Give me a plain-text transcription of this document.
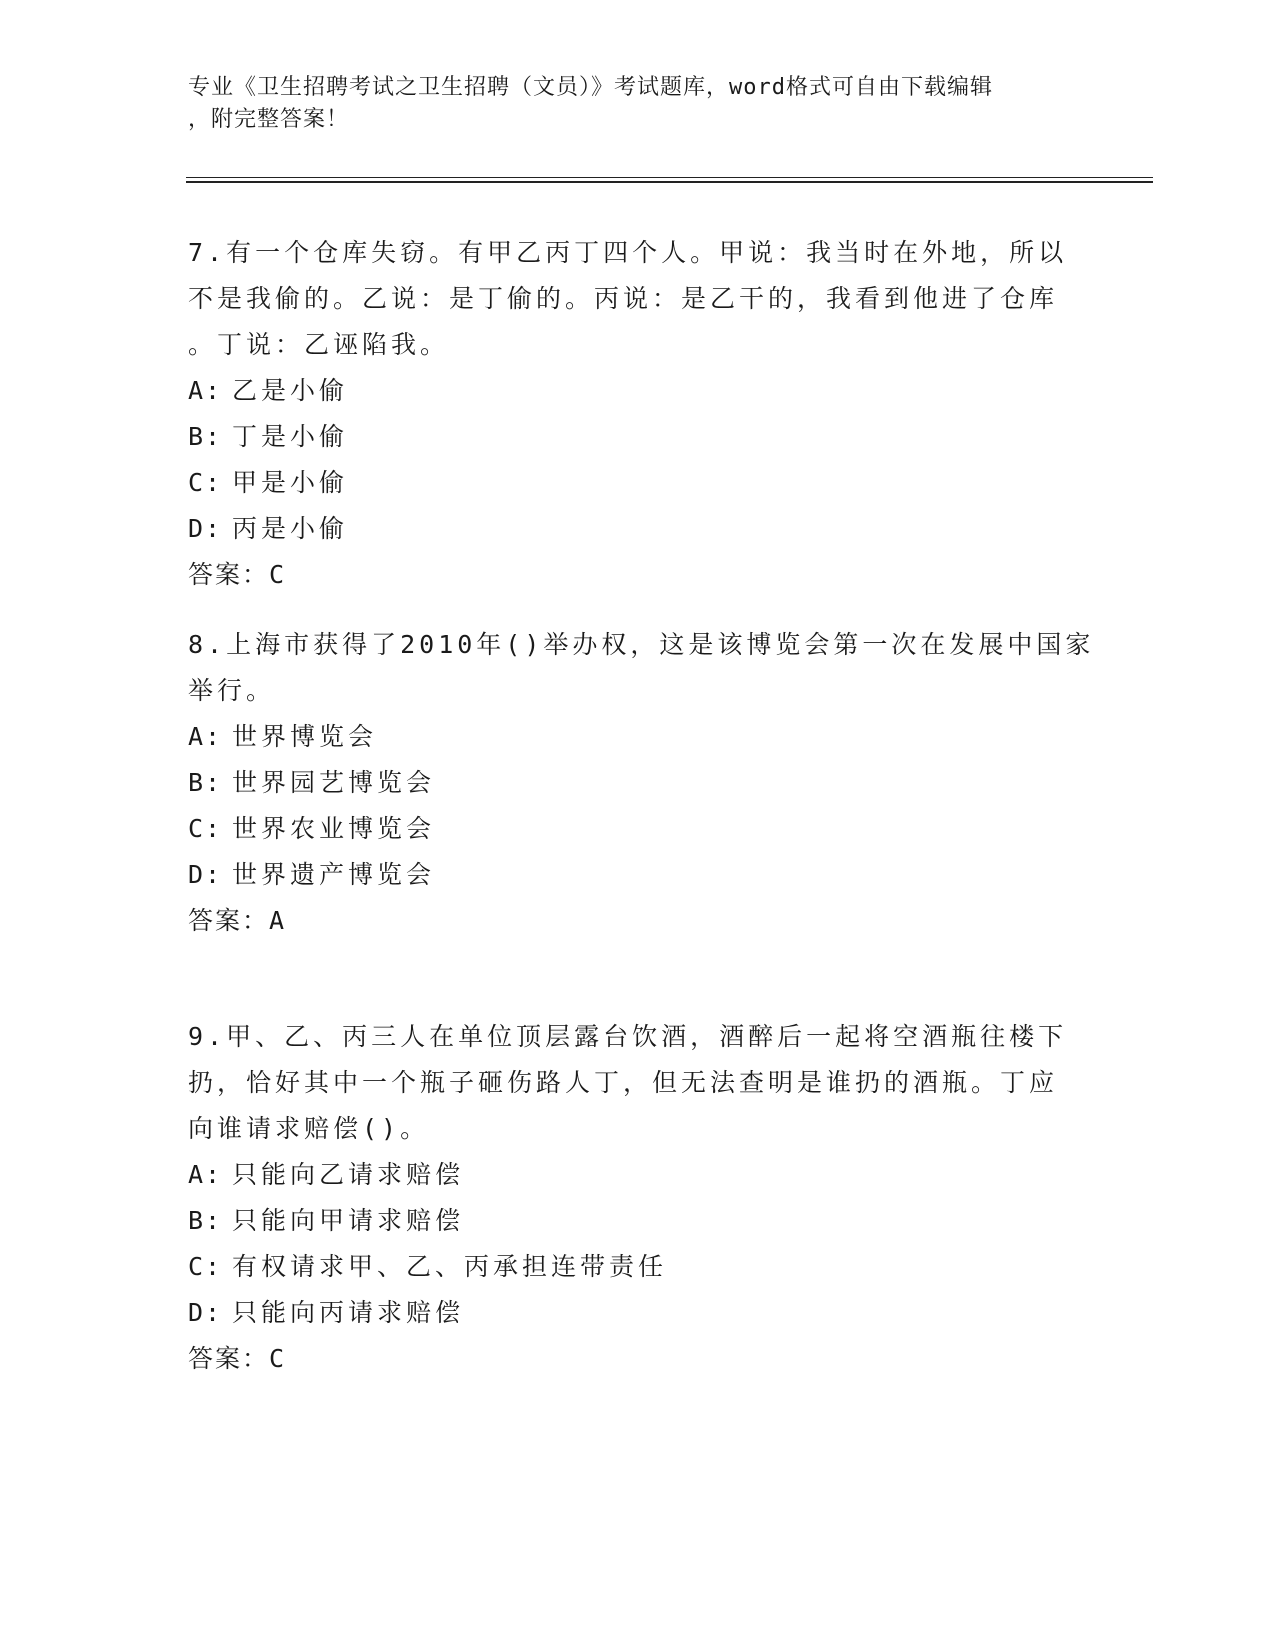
专业《卫生招聘考试之卫生招聘（文员）》考试题库，word格式可自由下载编辑
，附完整答案！
7.有一个仓库失窃。有甲乙丙丁四个人。甲说：我当时在外地，所以
不是我偷的。乙说：是丁偷的。丙说：是乙干的，我看到他进了仓库
。丁说：乙诬陷我。
A: 乙是小偷
B: 丁是小偷
C: 甲是小偷
D: 丙是小偷
答案：C
8.上海市获得了2010年()举办权，这是该博览会第一次在发展中国家
举行。
A: 世界博览会
B: 世界园艺博览会
C: 世界农业博览会
D: 世界遗产博览会
答案：A
9.甲、乙、丙三人在单位顶层露台饮酒，酒醉后一起将空酒瓶往楼下
扔，恰好其中一个瓶子砸伤路人丁，但无法查明是谁扔的酒瓶。丁应
向谁请求赔偿()。
A: 只能向乙请求赔偿
B: 只能向甲请求赔偿
C: 有权请求甲、乙、丙承担连带责任
D: 只能向丙请求赔偿
答案：C
